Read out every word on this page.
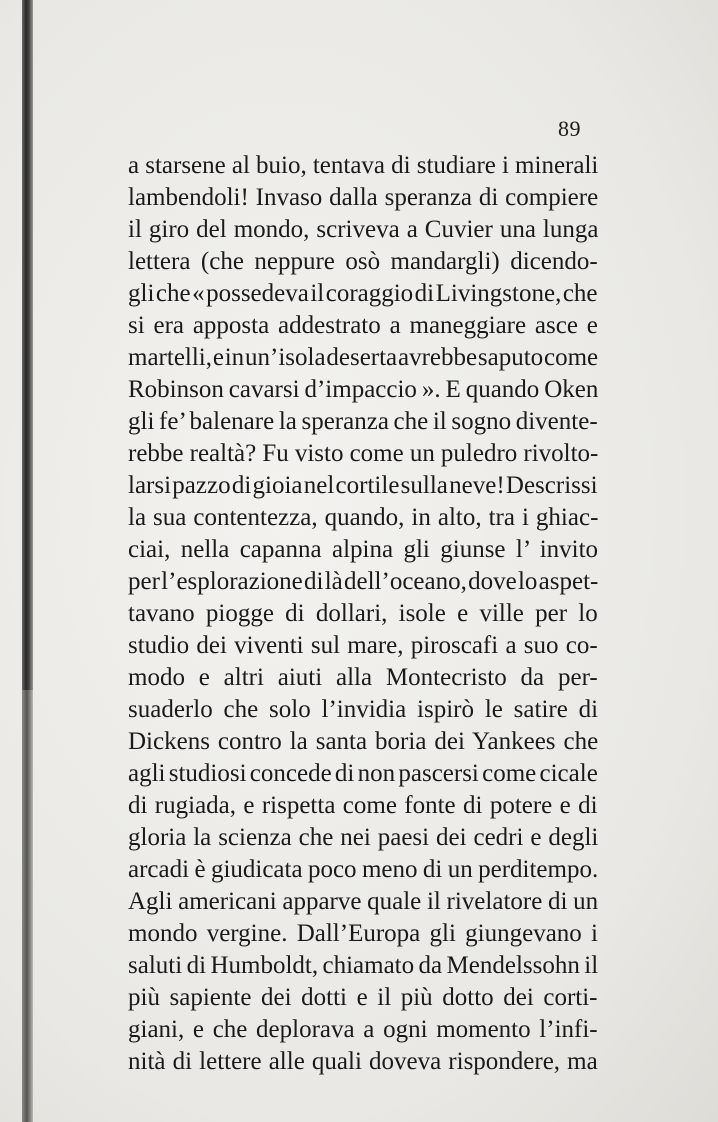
89
a starsene al buio, tentava di studiare i minerali
lambendoli! Invaso dalla speranza di compiere
il giro del mondo, scriveva a Cuvier una lunga
lettera (che neppure osò mandargli) dicendo-
gli che « possedeva il coraggio di Livingstone, che
si era apposta addestrato a maneggiare asce e
martelli, e in un’isola deserta avrebbe saputo come
Robinson cavarsi d’impaccio ». E quando Oken
gli fe’ balenare la speranza che il sogno divente-
rebbe realtà? Fu visto come un puledro rivolto-
larsi pazzo di gioia nel cortile sulla neve! Descrissi
la sua contentezza, quando, in alto, tra i ghiac-
ciai, nella capanna alpina gli giunse l’ invito
per l’esplorazione di là dell’oceano, dove lo aspet-
tavano piogge di dollari, isole e ville per lo
studio dei viventi sul mare, piroscafi a suo co-
modo e altri aiuti alla Montecristo da per-
suaderlo che solo l’invidia ispirò le satire di
Dickens contro la santa boria dei Yankees che
agli studiosi concede di non pascersi come cicale
di rugiada, e rispetta come fonte di potere e di
gloria la scienza che nei paesi dei cedri e degli
arcadi è giudicata poco meno di un perditempo.
Agli americani apparve quale il rivelatore di un
mondo vergine. Dall’Europa gli giungevano i
saluti di Humboldt, chiamato da Mendelssohn il
più sapiente dei dotti e il più dotto dei corti-
giani, e che deplorava a ogni momento l’infi-
nità di lettere alle quali doveva rispondere, ma
